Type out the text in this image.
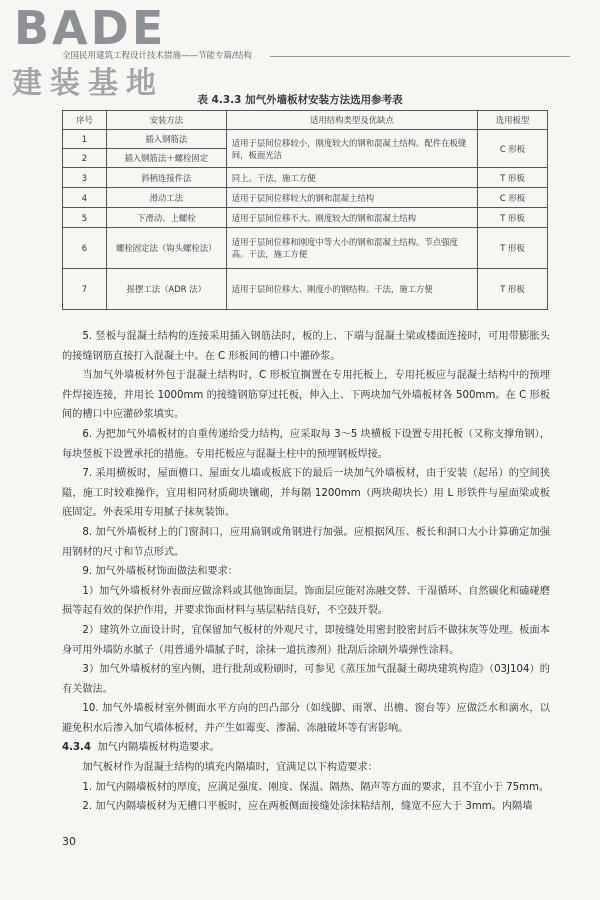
BADE
全国民用建筑工程设计技术措施——节能专篇/结构
建装基地	表 4.3.3 加气外墙板材安装方法选用参考表
序号	安装方法	适用结构类型及优缺点	选用板型
1	插入钢筋法	适用于层间位移较小，刚度较大的钢和混凝土结构。配件在板缝间，板面光洁	C 形板
2	插入钢筋法＋螺栓固定		
3	斜柄连接件法	同上。干法，施工方便	T 形板
4	滑动工法	适用于层间位移较大的钢和混凝土结构	C 形板
5	下滑动、上螺栓	适用于层间位移不大、刚度较大的钢和混凝土结构	T 形板
6	螺栓固定法（钩头螺栓法）	适用于层间位移和刚度中等大小的钢和混凝土结构。节点强度高。干法，施工方便	T 形板
7	摇摆工法（ADR 法）	适用于层间位移大、刚度小的钢结构。干法，施工方便	T 形板

5. 竖板与混凝土结构的连接采用插入钢筋法时，板的上、下端与混凝土梁或楼面连接时，可用带膨胀头的接缝钢筋直接打入混凝土中。在 C 形板间的槽口中灌砂浆。

当加气外墙板材外包于混凝土结构时，C 形板宜搁置在专用托板上，专用托板应与混凝土结构中的预埋件焊接连接，并用长 1000mm 的接缝钢筋穿过托板，伸入上、下两块加气外墙板材各 500mm。在 C 形板间的槽口中应灌砂浆填实。

6. 为把加气外墙板材的自重传递给受力结构，应采取每 3～5 块横板下设置专用托板（又称支撑角钢），每块竖板下设置承托的措施。专用托板应与混凝土柱中的预埋钢板焊接。

7. 采用横板时，屋面檐口、屋面女儿墙或板底下的最后一块加气外墙板材，由于安装（起吊）的空间狭隘，施工时较难操作，宜用相同材质砌块镶砌，并每隔 1200mm（两块砌块长）用 L 形铁件与屋面梁或板底固定。外表采用专用腻子抹灰装饰。

8. 加气外墙板材上的门窗洞口，应用扁钢或角钢进行加强。应根据风压、板长和洞口大小计算确定加强用钢材的尺寸和节点形式。

9. 加气外墙板材饰面做法和要求：

1）加气外墙板材外表面应做涂料或其他饰面层。饰面层应能对冻融交替、干湿循环、自然碳化和磕碰磨损等起有效的保护作用，并要求饰面材料与基层粘结良好，不空鼓开裂。

2）建筑外立面设计时，宜保留加气板材的外观尺寸，即接缝处用密封胶密封后不做抹灰等处理。板面本身可用外墙防水腻子（用普通外墙腻子时，涂抹一道抗渗剂）批刮后涂刷外墙弹性涂料。

3）加气外墙板材的室内侧，进行批刮或粉刷时，可参见《蒸压加气混凝土砌块建筑构造》（03J104）的有关做法。

10. 加气外墙板材室外侧面水平方向的凹凸部分（如线脚、雨罩、出檐、窗台等）应做泛水和滴水，以避免积水后渗入加气墙体板材，并产生如霉变、渗漏、冻融破坏等有害影响。

4.3.4 加气内隔墙板材构造要求。

加气板材作为混凝土结构的填充内隔墙时，宜满足以下构造要求：

1. 加气内隔墙板材的厚度，应满足强度、刚度、保温、隔热、隔声等方面的要求，且不宜小于 75mm。

2. 加气内隔墙板材为无槽口平板时，应在两板侧面接缝处涂抹粘结剂，缝宽不应大于 3mm。内隔墙

30
